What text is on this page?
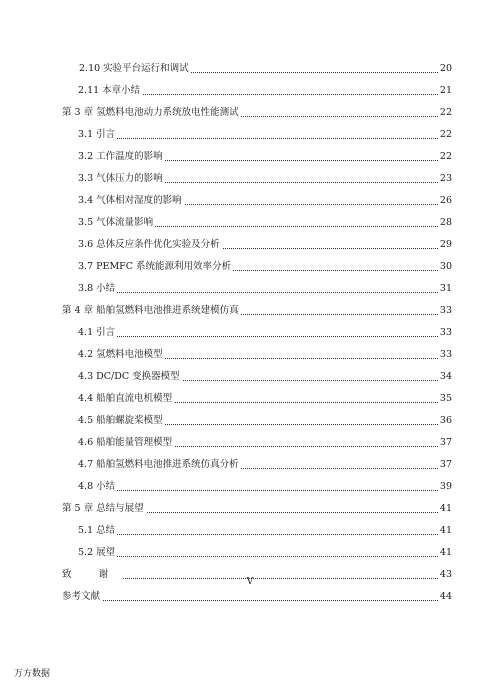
2.10 实验平台运行和调试	20
2.11 本章小结	21
第 3 章 氢燃料电池动力系统放电性能测试	22
3.1 引言	22
3.2 工作温度的影响	22
3.3 气体压力的影响	23
3.4 气体相对湿度的影响	26
3.5 气体流量影响	28
3.6 总体反应条件优化实验及分析	29
3.7 PEMFC 系统能源利用效率分析	30
3.8 小结	31
第 4 章 船舶氢燃料电池推进系统建模仿真	33
4.1 引言	33
4.2 氢燃料电池模型	33
4.3 DC/DC 变换器模型	34
4.4 船舶直流电机模型	35
4.5 船舶螺旋桨模型	36
4.6 船舶能量管理模型	37
4.7 船舶氢燃料电池推进系统仿真分析	37
4.8 小结	39
第 5 章 总结与展望	41
5.1 总结	41
5.2 展望	41
致 谢	43
参考文献	44
V
万方数据
